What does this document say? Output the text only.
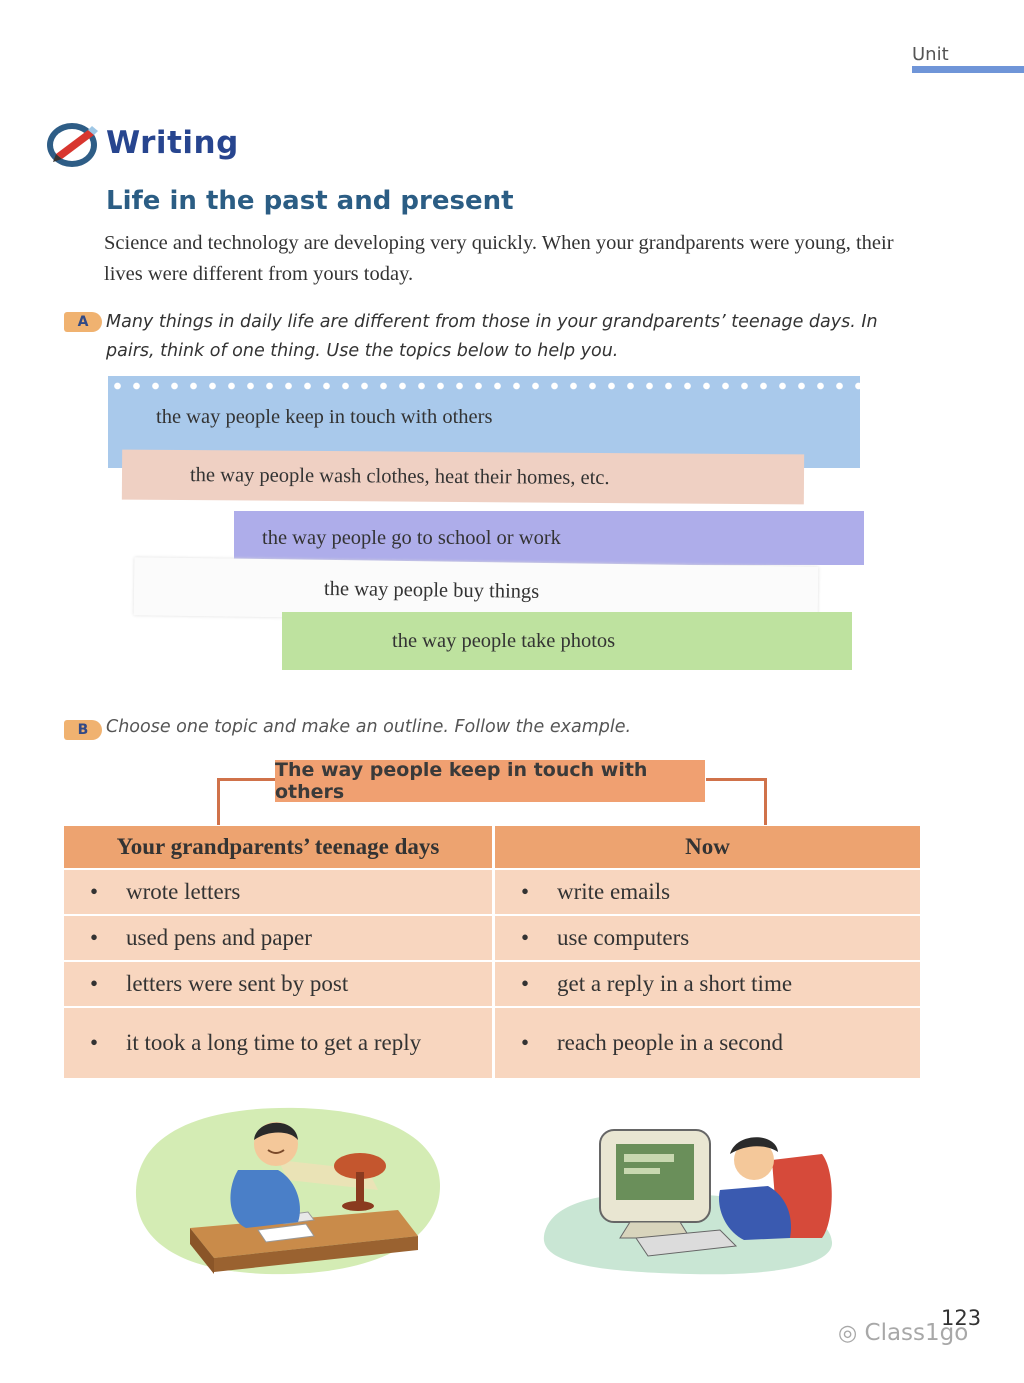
Unit
Writing
Life in the past and present
Science and technology are developing very quickly. When your grandparents were young, their lives were different from yours today.
A	Many things in daily life are different from those in your grandparents’ teenage days. In pairs, think of one thing. Use the topics below to help you.
the way people keep in touch with others
the way people wash clothes, heat their homes, etc.
the way people go to school or work
the way people buy things
the way people take photos
B	Choose one topic and make an outline. Follow the example.
The way people keep in touch with others
Your grandparents’ teenage days	Now
• wrote letters	• write emails
• used pens and paper	• use computers
• letters were sent by post	• get a reply in a short time
• it took a long time to get a reply	• reach people in a second
123
◎ Class1go
